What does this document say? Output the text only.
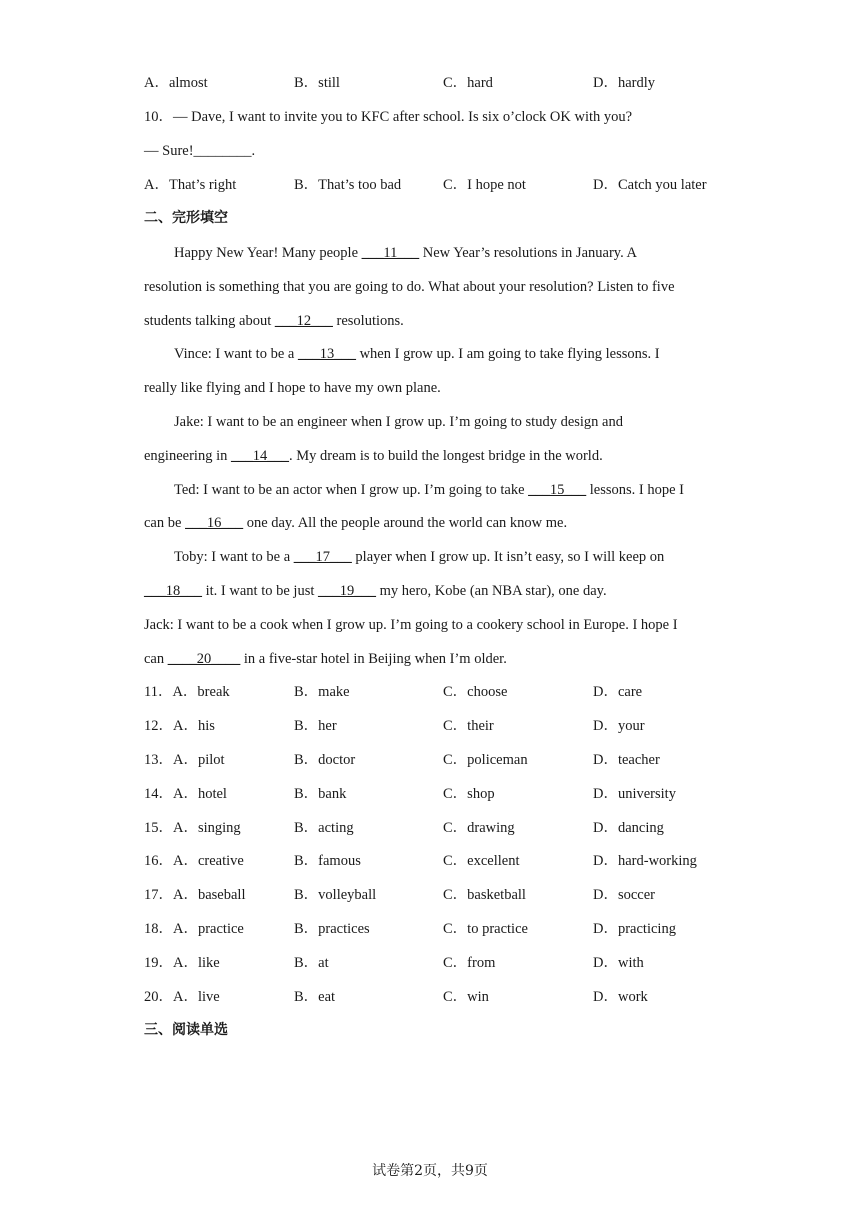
A．almost	B．still	C．hard	D．hardly
10．— Dave, I want to invite you to KFC after school. Is six o’clock OK with you?
— Sure!________.
A．That’s right	B．That’s too bad	C．I hope not	D．Catch you later
二、完形填空
Happy New Year! Many people ___11___ New Year’s resolutions in January. A
resolution is something that you are going to do. What about your resolution? Listen to five
students talking about ___12___ resolutions.
Vince: I want to be a ___13___ when I grow up. I am going to take flying lessons. I
really like flying and I hope to have my own plane.
Jake: I want to be an engineer when I grow up. I’m going to study design and
engineering in ___14___. My dream is to build the longest bridge in the world.
Ted: I want to be an actor when I grow up. I’m going to take ___15___ lessons. I hope I
can be ___16___ one day. All the people around the world can know me.
Toby: I want to be a ___17___ player when I grow up. It isn’t easy, so I will keep on
___18___ it. I want to be just ___19___ my hero, Kobe (an NBA star), one day.
Jack: I want to be a cook when I grow up. I’m going to a cookery school in Europe. I hope I
can ____20____ in a five-star hotel in Beijing when I’m older.
11．A．break	B．make	C．choose	D．care
12．A．his	B．her	C．their	D．your
13．A．pilot	B．doctor	C．policeman	D．teacher
14．A．hotel	B．bank	C．shop	D．university
15．A．singing	B．acting	C．drawing	D．dancing
16．A．creative	B．famous	C．excellent	D．hard-working
17．A．baseball	B．volleyball	C．basketball	D．soccer
18．A．practice	B．practices	C．to practice	D．practicing
19．A．like	B．at	C．from	D．with
20．A．live	B．eat	C．win	D．work
三、阅读单选
试卷第2页，共9页
